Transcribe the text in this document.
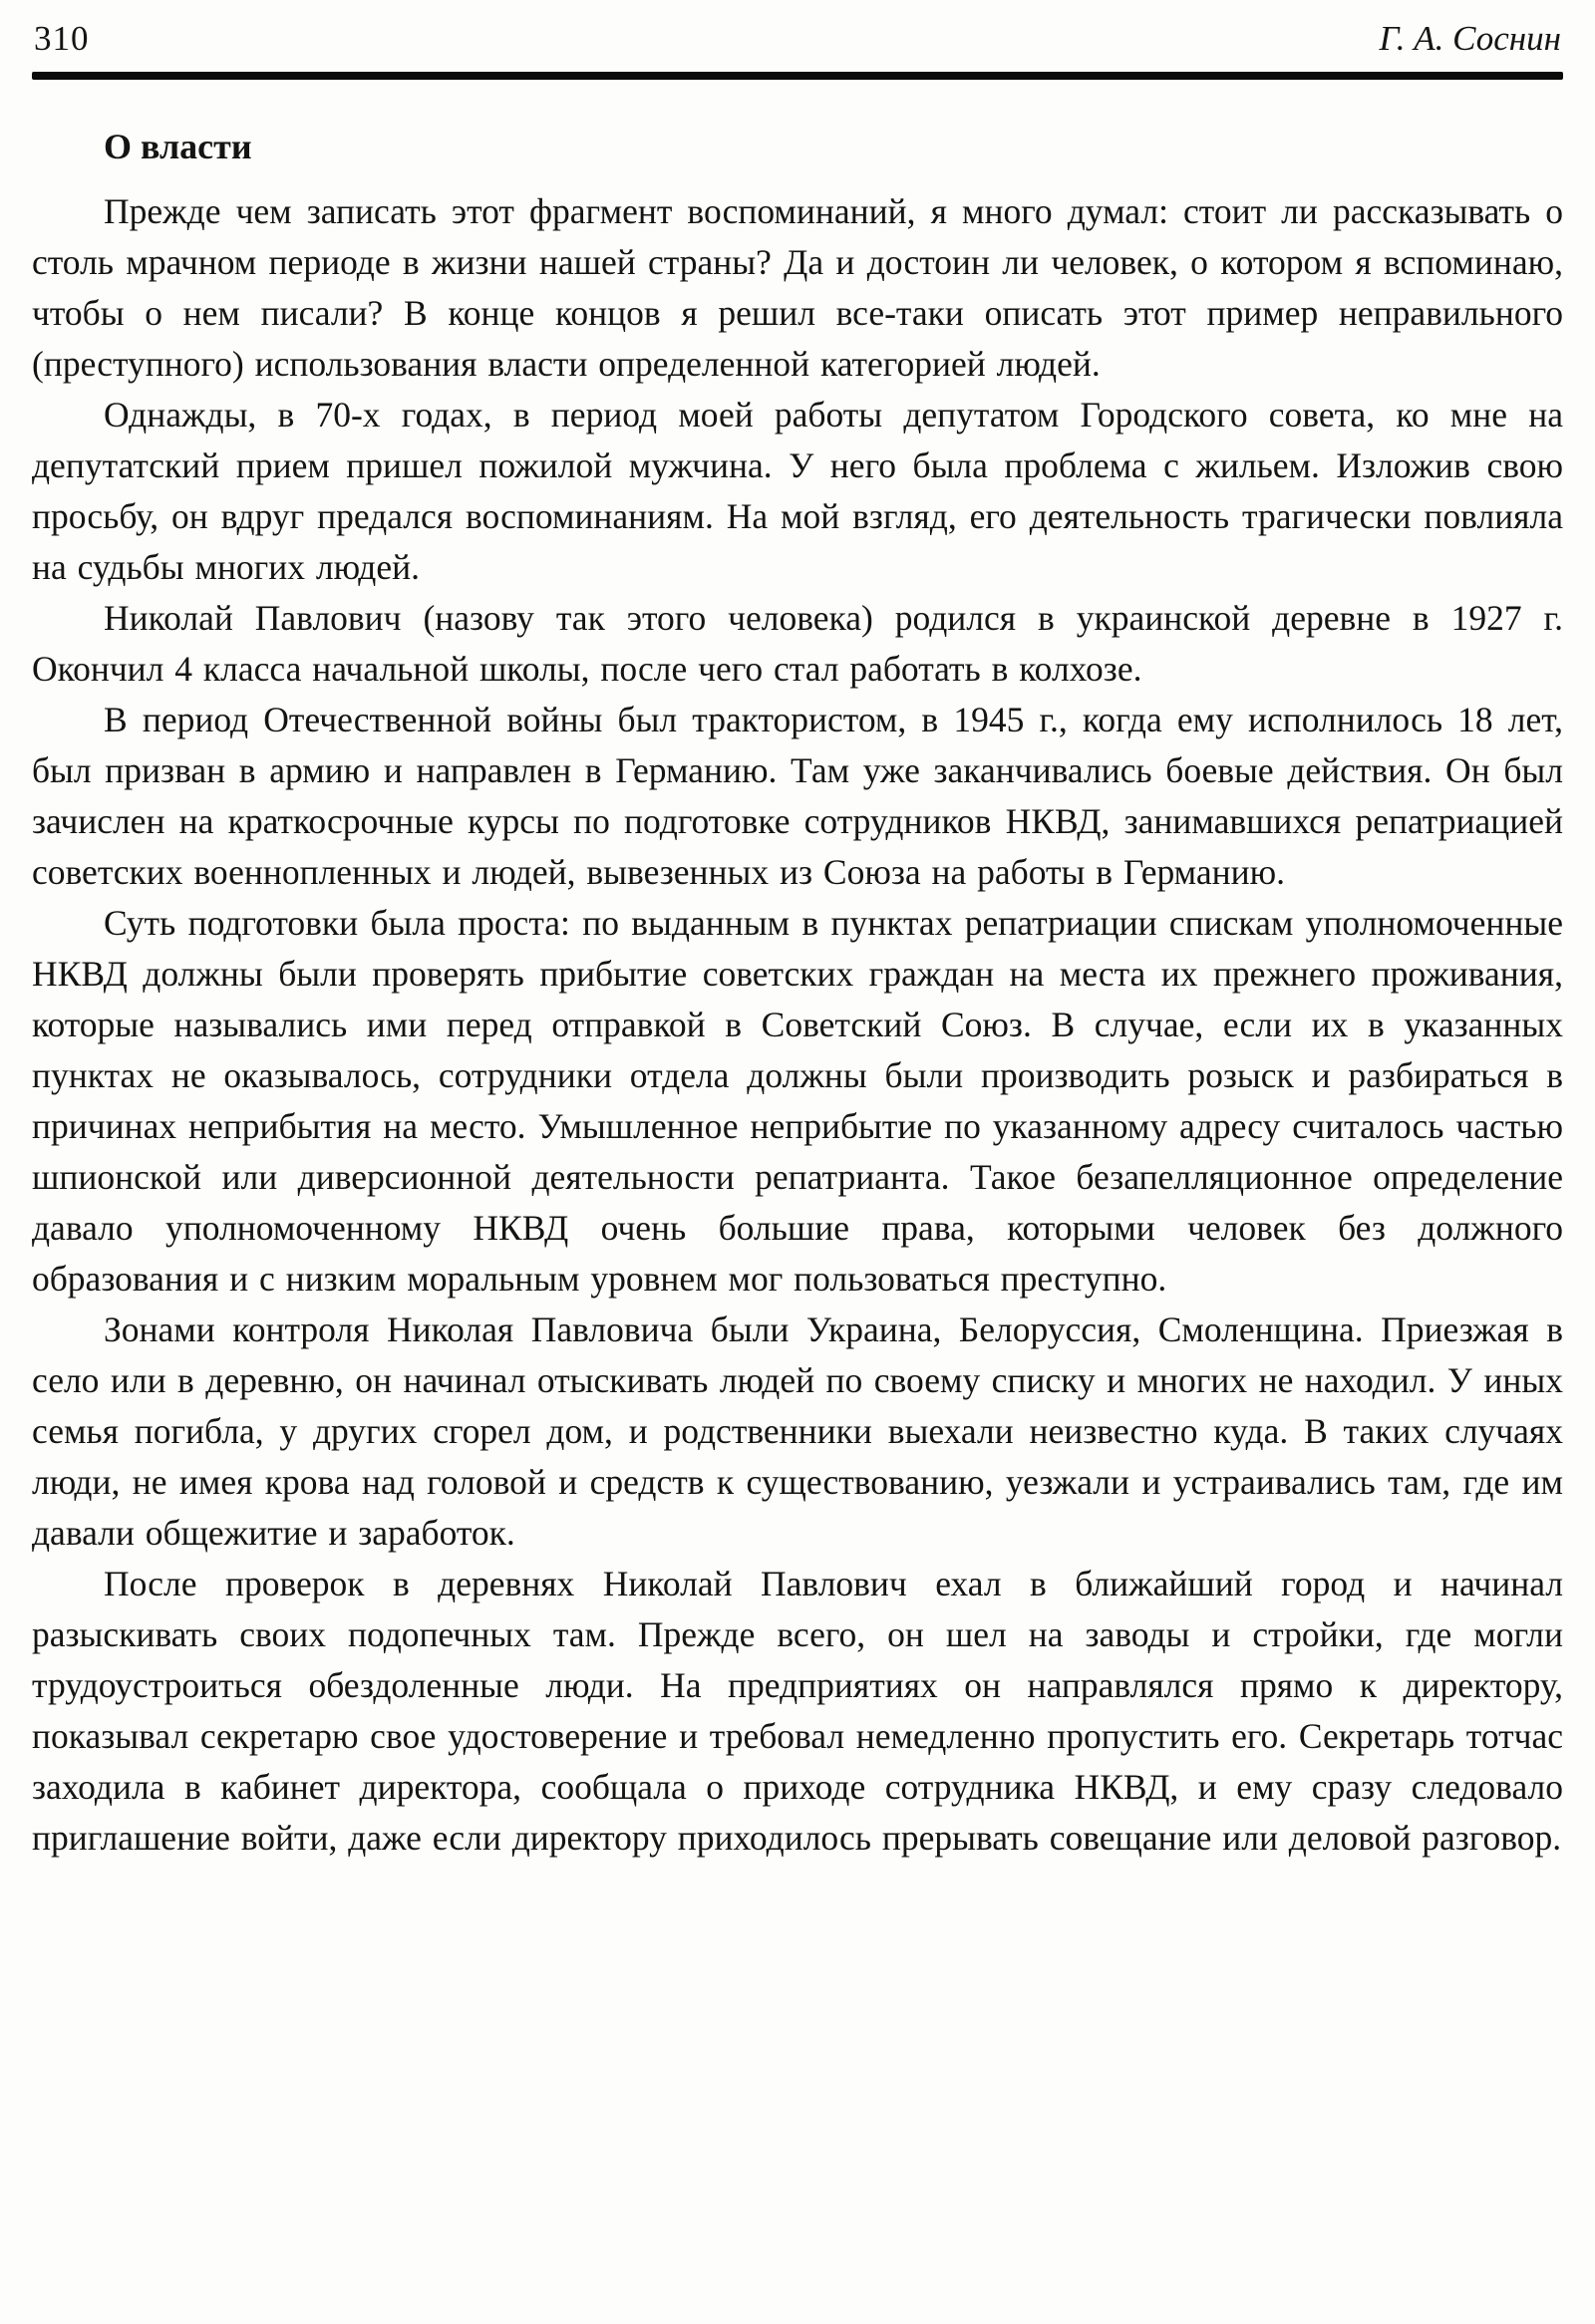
310	Г. А. Соснин
О власти

Прежде чем записать этот фрагмент воспоминаний, я много думал: стоит ли рассказывать о столь мрачном периоде в жизни нашей страны? Да и достоин ли человек, о котором я вспоминаю, чтобы о нем писали? В конце концов я решил все-таки описать этот пример неправильного (преступного) использования власти определенной категорией людей.

Однажды, в 70-х годах, в период моей работы депутатом Городского совета, ко мне на депутатский прием пришел пожилой мужчина. У него была проблема с жильем. Изложив свою просьбу, он вдруг предался воспоминаниям. На мой взгляд, его деятельность трагически повлияла на судьбы многих людей.

Николай Павлович (назову так этого человека) родился в украинской деревне в 1927 г. Окончил 4 класса начальной школы, после чего стал работать в колхозе.

В период Отечественной войны был трактористом, в 1945 г., когда ему исполнилось 18 лет, был призван в армию и направлен в Германию. Там уже заканчивались боевые действия. Он был зачислен на краткосрочные курсы по подготовке сотрудников НКВД, занимавшихся репатриацией советских военнопленных и людей, вывезенных из Союза на работы в Германию.

Суть подготовки была проста: по выданным в пунктах репатриации спискам уполномоченные НКВД должны были проверять прибытие советских граждан на места их прежнего проживания, которые назывались ими перед отправкой в Советский Союз. В случае, если их в указанных пунктах не оказывалось, сотрудники отдела должны были производить розыск и разбираться в причинах неприбытия на место. Умышленное неприбытие по указанному адресу считалось частью шпионской или диверсионной деятельности репатрианта. Такое безапелляционное определение давало уполномоченному НКВД очень большие права, которыми человек без должного образования и с низким моральным уровнем мог пользоваться преступно.

Зонами контроля Николая Павловича были Украина, Белоруссия, Смоленщина. Приезжая в село или в деревню, он начинал отыскивать людей по своему списку и многих не находил. У иных семья погибла, у других сгорел дом, и родственники выехали неизвестно куда. В таких случаях люди, не имея крова над головой и средств к существованию, уезжали и устраивались там, где им давали общежитие и заработок.

После проверок в деревнях Николай Павлович ехал в ближайший город и начинал разыскивать своих подопечных там. Прежде всего, он шел на заводы и стройки, где могли трудоустроиться обездоленные люди. На предприятиях он направлялся прямо к директору, показывал секретарю свое удостоверение и требовал немедленно пропустить его. Секретарь тотчас заходила в кабинет директора, сообщала о приходе сотрудника НКВД, и ему сразу следовало приглашение войти, даже если директору приходилось прерывать совещание или деловой разговор.
